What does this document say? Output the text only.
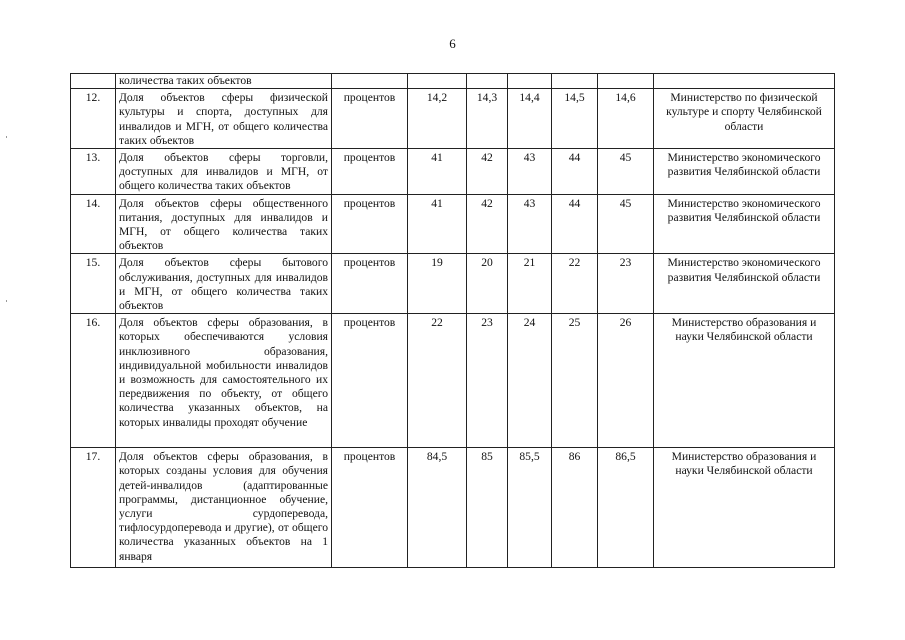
6
	количества таких объектов							
12.	Доля объектов сферы физической культуры и спорта, доступных для инвалидов и МГН, от общего количества таких объектов	процентов	14,2	14,3	14,4	14,5	14,6	Министерство по физической культуре и спорту Челябинской области
13.	Доля объектов сферы торговли, доступных для инвалидов и МГН, от общего количества таких объектов	процентов	41	42	43	44	45	Министерство экономического развития Челябинской области
14.	Доля объектов сферы общественного питания, доступных для инвалидов и МГН, от общего количества таких объектов	процентов	41	42	43	44	45	Министерство экономического развития Челябинской области
15.	Доля объектов сферы бытового обслуживания, доступных для инвалидов и МГН, от общего количества таких объектов	процентов	19	20	21	22	23	Министерство экономического развития Челябинской области
16.	Доля объектов сферы образования, в которых обеспечиваются условия инклюзивного образования, индивидуальной мобильности инвалидов и возможность для самостоятельного их передвижения по объекту, от общего количества указанных объектов, на которых инвалиды проходят обучение	процентов	22	23	24	25	26	Министерство образования и науки Челябинской области
17.	Доля объектов сферы образования, в которых созданы условия для обучения детей-инвалидов (адаптированные программы, дистанционное обучение, услуги сурдоперевода, тифлосурдоперевода и другие), от общего количества указанных объектов на 1 января	процентов	84,5	85	85,5	86	86,5	Министерство образования и науки Челябинской области
